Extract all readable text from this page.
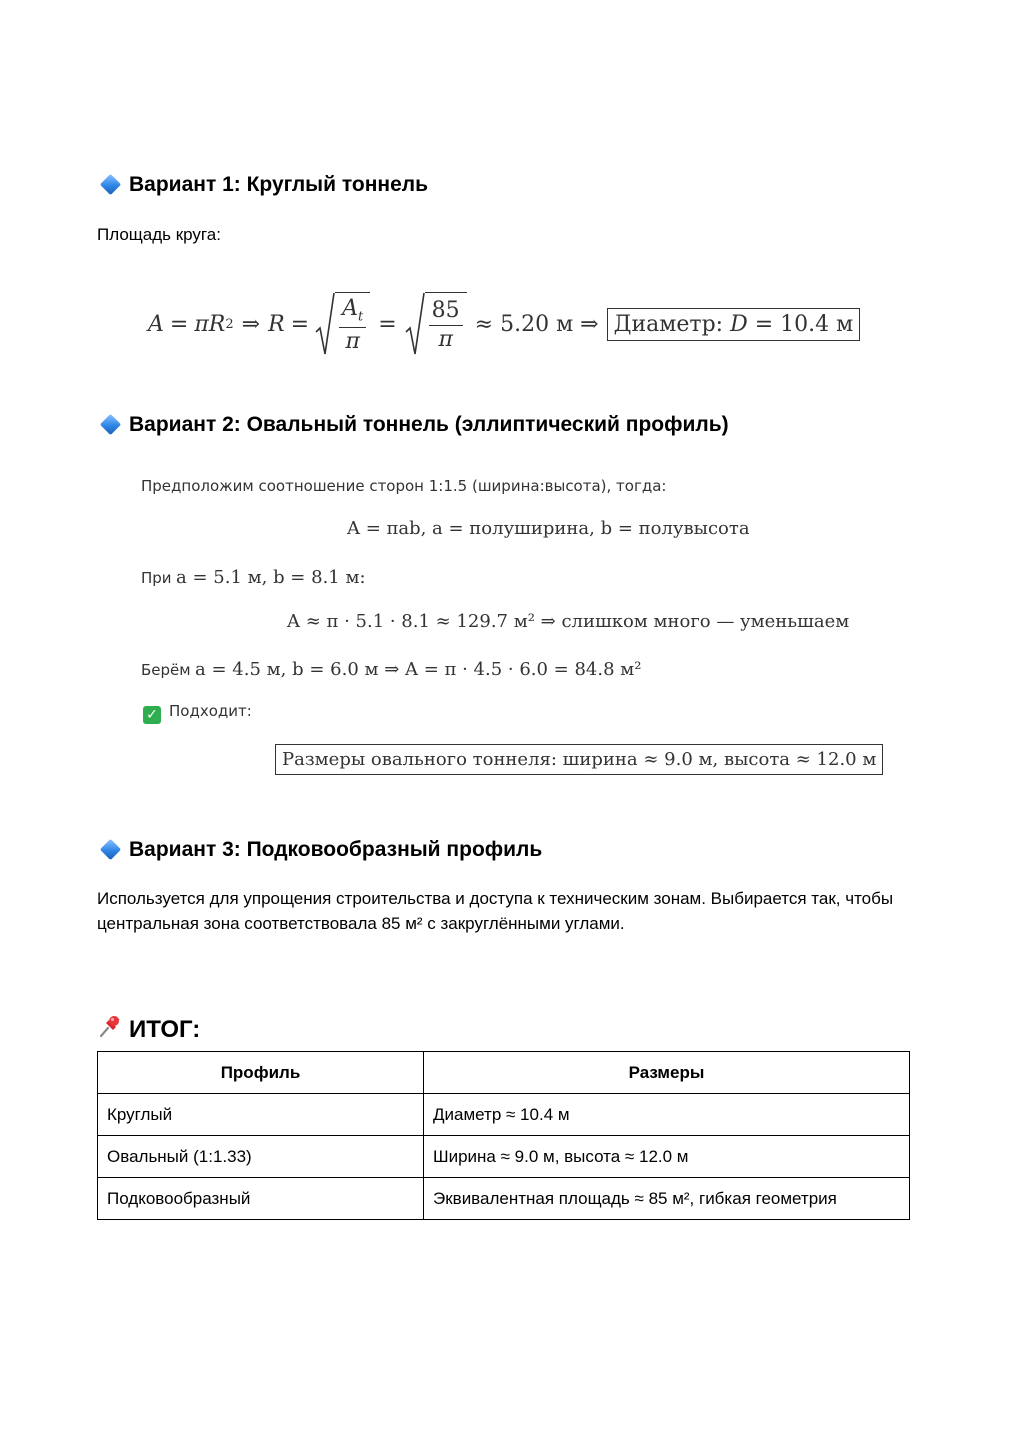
Вариант 1: Круглый тоннель
Площадь круга:
A = π R 2 ⇒ $R = \frac{A_t}{\pi} = \frac{85}{\pi} \approx 5.20$ м ⇒ Диаметр: D = 10.4 м
Вариант 2: Овальный тоннель (эллиптический профиль)
Предположим соотношение сторон 1:1.5 (ширина:высота), тогда:
A = πab, a = полуширина, b = полувысота
При a = 5.1 м, b = 8.1 м:
A ≈ π · 5.1 · 8.1 ≈ 129.7 м² ⇒ слишком много — уменьшаем
Берём a = 4.5 м, b = 6.0 м ⇒ A = π · 4.5 · 6.0 = 84.8 м²
✓ Подходит:
Размеры овального тоннеля: ширина ≈ 9.0 м, высота ≈ 12.0 м
Вариант 3: Подковообразный профиль
Используется для упрощения строительства и доступа к техническим зонам. Выбирается так, чтобы центральная зона соответствовала 85 м² с закруглёнными углами.
ИТОГ:
Профиль	Размеры
Круглый	Диаметр ≈ 10.4 м
Овальный (1:1.33)	Ширина ≈ 9.0 м, высота ≈ 12.0 м
Подковообразный	Эквивалентная площадь ≈ 85 м², гибкая геометрия
